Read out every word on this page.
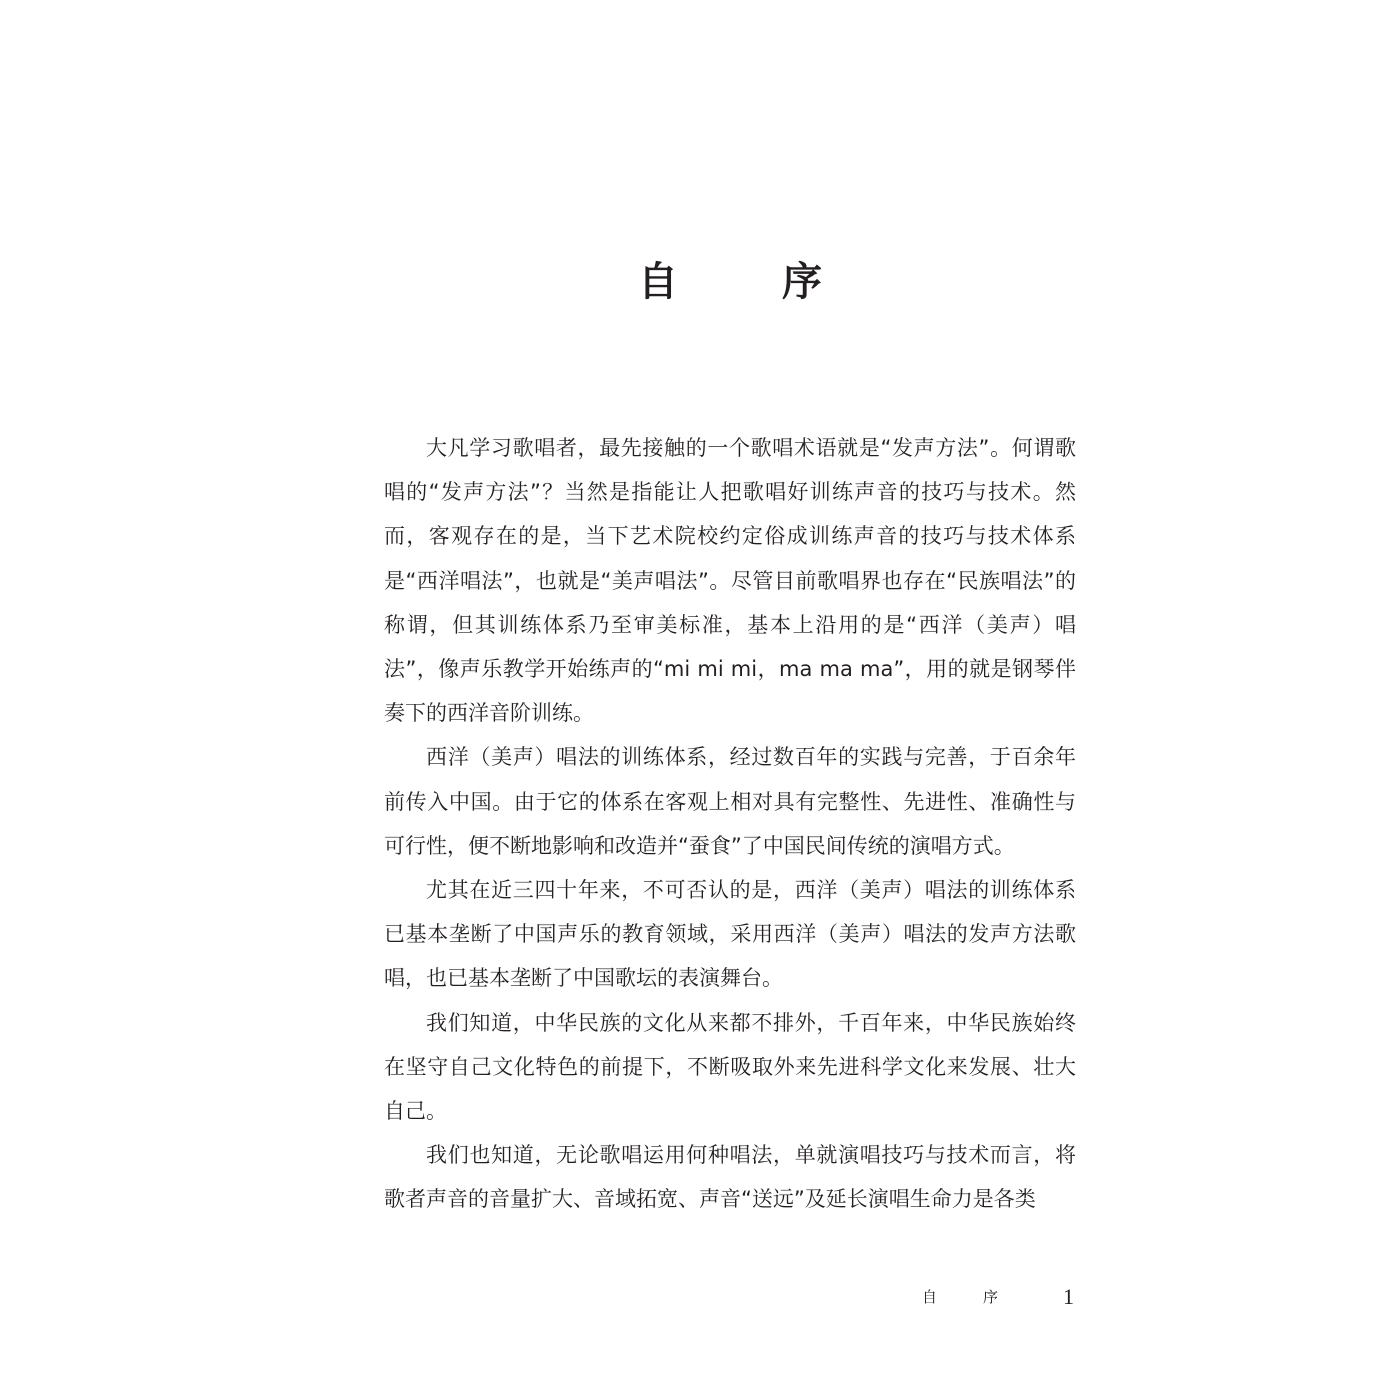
自	序

大凡学习歌唱者，最先接触的一个歌唱术语就是“发声方法”。何谓歌唱的“发声方法”？当然是指能让人把歌唱好训练声音的技巧与技术。然而，客观存在的是，当下艺术院校约定俗成训练声音的技巧与技术体系是“西洋唱法”，也就是“美声唱法”。尽管目前歌唱界也存在“民族唱法”的称谓，但其训练体系乃至审美标准，基本上沿用的是“西洋（美声）唱法”，像声乐教学开始练声的“mi mi mi，ma ma ma”，用的就是钢琴伴奏下的西洋音阶训练。

西洋（美声）唱法的训练体系，经过数百年的实践与完善，于百余年前传入中国。由于它的体系在客观上相对具有完整性、先进性、准确性与可行性，便不断地影响和改造并“蚕食”了中国民间传统的演唱方式。

尤其在近三四十年来，不可否认的是，西洋（美声）唱法的训练体系已基本垄断了中国声乐的教育领域，采用西洋（美声）唱法的发声方法歌唱，也已基本垄断了中国歌坛的表演舞台。

我们知道，中华民族的文化从来都不排外，千百年来，中华民族始终在坚守自己文化特色的前提下，不断吸取外来先进科学文化来发展、壮大自己。

我们也知道，无论歌唱运用何种唱法，单就演唱技巧与技术而言，将歌者声音的音量扩大、音域拓宽、声音“送远”及延长演唱生命力是各类

自	序	1
